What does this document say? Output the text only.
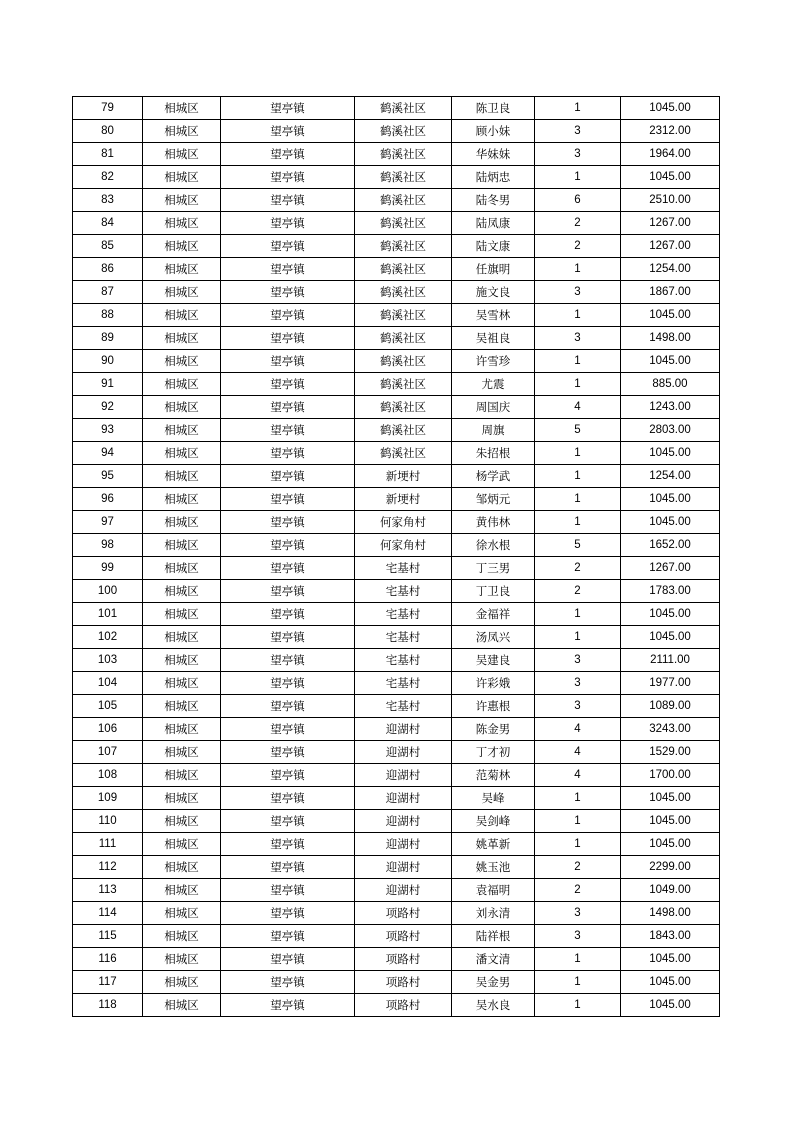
79	相城区	望亭镇	鹤溪社区	陈卫良	1	1045.00
80	相城区	望亭镇	鹤溪社区	顾小妹	3	2312.00
81	相城区	望亭镇	鹤溪社区	华妹妹	3	1964.00
82	相城区	望亭镇	鹤溪社区	陆炳忠	1	1045.00
83	相城区	望亭镇	鹤溪社区	陆冬男	6	2510.00
84	相城区	望亭镇	鹤溪社区	陆凤康	2	1267.00
85	相城区	望亭镇	鹤溪社区	陆文康	2	1267.00
86	相城区	望亭镇	鹤溪社区	任旗明	1	1254.00
87	相城区	望亭镇	鹤溪社区	施文良	3	1867.00
88	相城区	望亭镇	鹤溪社区	吴雪林	1	1045.00
89	相城区	望亭镇	鹤溪社区	吴祖良	3	1498.00
90	相城区	望亭镇	鹤溪社区	许雪珍	1	1045.00
91	相城区	望亭镇	鹤溪社区	尤震	1	885.00
92	相城区	望亭镇	鹤溪社区	周国庆	4	1243.00
93	相城区	望亭镇	鹤溪社区	周旗	5	2803.00
94	相城区	望亭镇	鹤溪社区	朱招根	1	1045.00
95	相城区	望亭镇	新埂村	杨学武	1	1254.00
96	相城区	望亭镇	新埂村	邹炳元	1	1045.00
97	相城区	望亭镇	何家角村	黄伟林	1	1045.00
98	相城区	望亭镇	何家角村	徐水根	5	1652.00
99	相城区	望亭镇	宅基村	丁三男	2	1267.00
100	相城区	望亭镇	宅基村	丁卫良	2	1783.00
101	相城区	望亭镇	宅基村	金福祥	1	1045.00
102	相城区	望亭镇	宅基村	汤凤兴	1	1045.00
103	相城区	望亭镇	宅基村	吴建良	3	2111.00
104	相城区	望亭镇	宅基村	许彩娥	3	1977.00
105	相城区	望亭镇	宅基村	许惠根	3	1089.00
106	相城区	望亭镇	迎湖村	陈金男	4	3243.00
107	相城区	望亭镇	迎湖村	丁才初	4	1529.00
108	相城区	望亭镇	迎湖村	范菊林	4	1700.00
109	相城区	望亭镇	迎湖村	吴峰	1	1045.00
110	相城区	望亭镇	迎湖村	吴剑峰	1	1045.00
111	相城区	望亭镇	迎湖村	姚革新	1	1045.00
112	相城区	望亭镇	迎湖村	姚玉池	2	2299.00
113	相城区	望亭镇	迎湖村	袁福明	2	1049.00
114	相城区	望亭镇	项路村	刘永清	3	1498.00
115	相城区	望亭镇	项路村	陆祥根	3	1843.00
116	相城区	望亭镇	项路村	潘文清	1	1045.00
117	相城区	望亭镇	项路村	吴金男	1	1045.00
118	相城区	望亭镇	项路村	吴水良	1	1045.00
